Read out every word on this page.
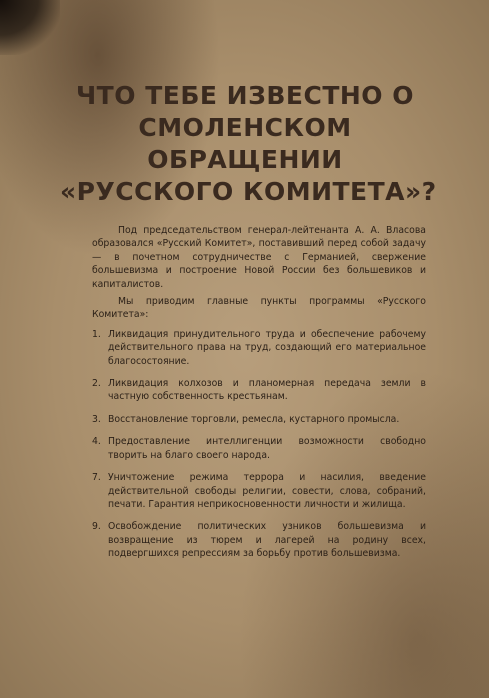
ЧТО ТЕБЕ ИЗВЕСТНО О
СМОЛЕНСКОМ
ОБРАЩЕНИИ
«РУССКОГО КОМИТЕТА»?

Под председательством генерал-лейтенанта А. А. Власова образовался «Русский Комитет», поставивший перед собой задачу — в почетном сотрудничестве с Германией, свержение большевизма и построение Новой России без большевиков и капиталистов.

Мы приводим главные пункты программы «Русского Комитета»:

1. Ликвидация принудительного труда и обеспечение рабочему действительного права на труд, создающий его материальное благосостояние.
2. Ликвидация колхозов и планомерная передача земли в частную собственность крестьянам.
3. Восстановление торговли, ремесла, кустарного промысла.
4. Предоставление интеллигенции возможности свободно творить на благо своего народа.
7. Уничтожение режима террора и насилия, введение действительной свободы религии, совести, слова, собраний, печати. Гарантия неприкосновенности личности и жилища.
9. Освобождение политических узников большевизма и возвращение из тюрем и лагерей на родину всех, подвергшихся репрессиям за борьбу против большевизма.
